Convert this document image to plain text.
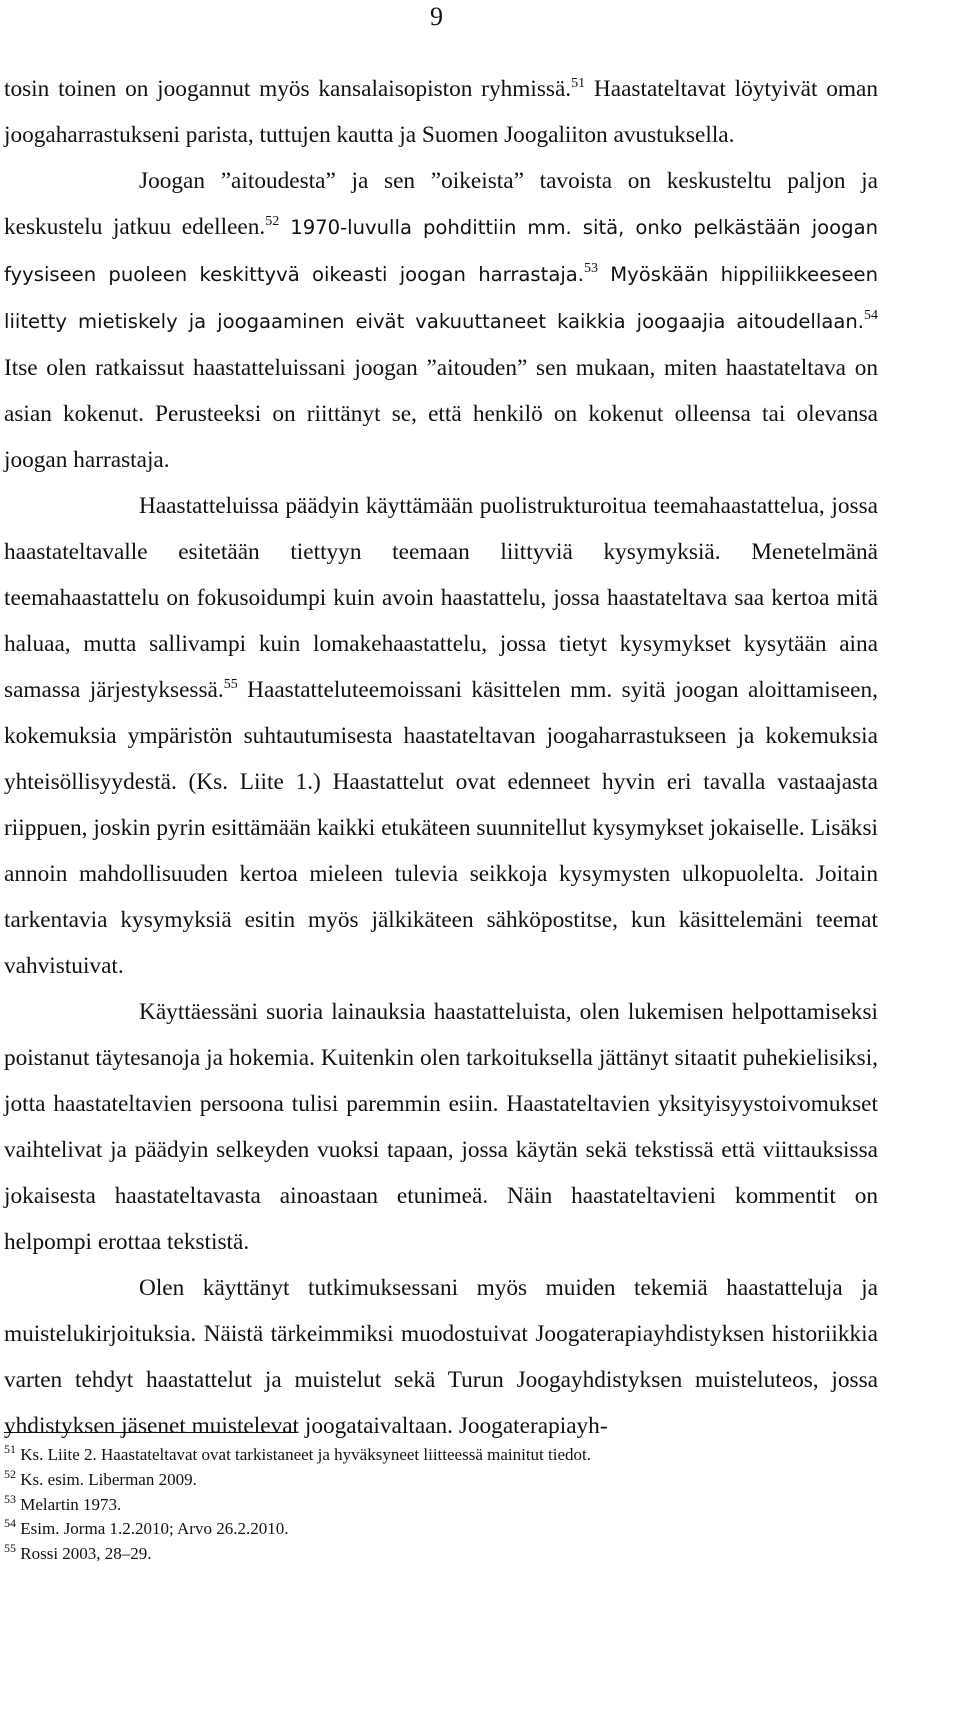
9

tosin toinen on joogannut myös kansalaisopiston ryhmissä.$^{51}$ Haastateltavat löytyivät oman joogaharrastukseni parista, tuttujen kautta ja Suomen Joogaliiton avustuksella.

Joogan ”aitoudesta” ja sen ”oikeista” tavoista on keskusteltu paljon ja keskustelu jatkuu edelleen.$^{52}$ 1970-luvulla pohdittiin mm. sitä, onko pelkästään joogan fyysiseen puoleen keskittyvä oikeasti joogan harrastaja.$^{53}$ Myöskään hippiliikkeeseen liitetty mietiskely ja joogaaminen eivät vakuuttaneet kaikkia joogaajia aitoudellaan.$^{54}$ Itse olen ratkaissut haastatteluissani joogan ”aitouden” sen mukaan, miten haastateltava on asian kokenut. Perusteeksi on riittänyt se, että henkilö on kokenut olleensa tai olevansa joogan harrastaja.

Haastatteluissa päädyin käyttämään puolistrukturoitua teemahaastattelua, jossa haastateltavalle esitetään tiettyyn teemaan liittyviä kysymyksiä. Menetelmänä teemahaastattelu on fokusoidumpi kuin avoin haastattelu, jossa haastateltava saa kertoa mitä haluaa, mutta sallivampi kuin lomakehaastattelu, jossa tietyt kysymykset kysytään aina samassa järjestyksessä.$^{55}$ Haastatteluteemoissani käsittelen mm. syitä joogan aloittamiseen, kokemuksia ympäristön suhtautumisesta haastateltavan joogaharrastukseen ja kokemuksia yhteisöllisyydestä. (Ks. Liite 1.) Haastattelut ovat edenneet hyvin eri tavalla vastaajasta riippuen, joskin pyrin esittämään kaikki etukäteen suunnitellut kysymykset jokaiselle. Lisäksi annoin mahdollisuuden kertoa mieleen tulevia seikkoja kysymysten ulkopuolelta. Joitain tarkentavia kysymyksiä esitin myös jälkikäteen sähköpostitse, kun käsittelemäni teemat vahvistuivat.

Käyttäessäni suoria lainauksia haastatteluista, olen lukemisen helpottamiseksi poistanut täytesanoja ja hokemia. Kuitenkin olen tarkoituksella jättänyt sitaatit puhekielisiksi, jotta haastateltavien persoona tulisi paremmin esiin. Haastateltavien yksityisyystoivomukset vaihtelivat ja päädyin selkeyden vuoksi tapaan, jossa käytän sekä tekstissä että viittauksissa jokaisesta haastateltavasta ainoastaan etunimeä. Näin haastateltavieni kommentit on helpompi erottaa tekstistä.

Olen käyttänyt tutkimuksessani myös muiden tekemiä haastatteluja ja muistelukirjoituksia. Näistä tärkeimmiksi muodostuivat Joogaterapiayhdistyksen historiikkia varten tehdyt haastattelut ja muistelut sekä Turun Joogayhdistyksen muisteluteos, jossa yhdistyksen jäsenet muistelevat joogataivaltaan. Joogaterapiayh-

$^{51}$ Ks. Liite 2. Haastateltavat ovat tarkistaneet ja hyväksyneet liitteessä mainitut tiedot.

$^{52}$ Ks. esim. Liberman 2009.

$^{53}$ Melartin 1973.

$^{54}$ Esim. Jorma 1.2.2010; Arvo 26.2.2010.

$^{55}$ Rossi 2003, 28–29.
